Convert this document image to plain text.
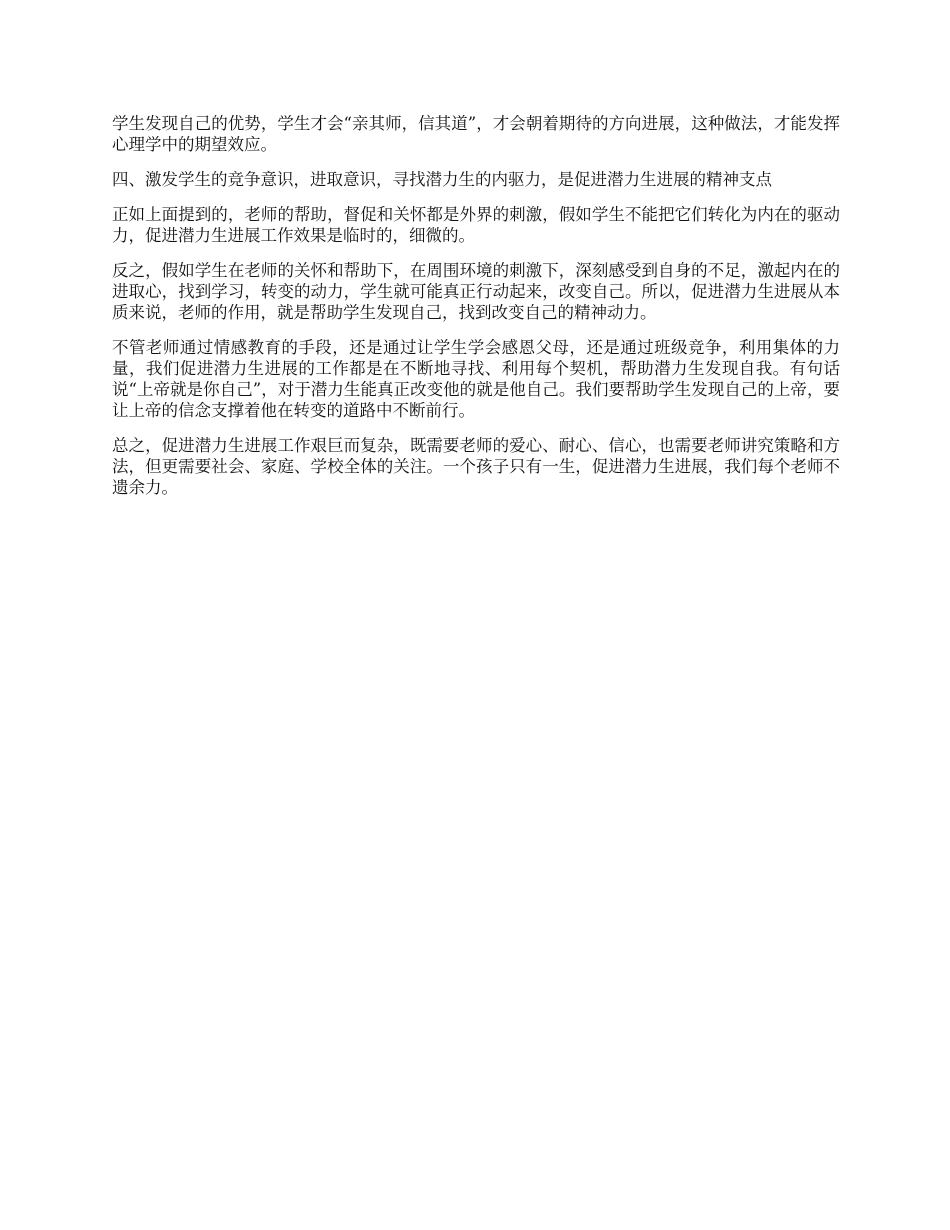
学生发现自己的优势，学生才会“亲其师，信其道”，才会朝着期待的方向进展，这种做法，才能发挥心理学中的期望效应。

四、激发学生的竞争意识，进取意识，寻找潜力生的内驱力，是促进潜力生进展的精神支点

正如上面提到的，老师的帮助，督促和关怀都是外界的刺激，假如学生不能把它们转化为内在的驱动力，促进潜力生进展工作效果是临时的，细微的。

反之，假如学生在老师的关怀和帮助下，在周围环境的刺激下，深刻感受到自身的不足，激起内在的进取心，找到学习，转变的动力，学生就可能真正行动起来，改变自己。所以，促进潜力生进展从本质来说，老师的作用，就是帮助学生发现自己，找到改变自己的精神动力。

不管老师通过情感教育的手段，还是通过让学生学会感恩父母，还是通过班级竞争，利用集体的力量，我们促进潜力生进展的工作都是在不断地寻找、利用每个契机，帮助潜力生发现自我。有句话说“上帝就是你自己”，对于潜力生能真正改变他的就是他自己。我们要帮助学生发现自己的上帝，要让上帝的信念支撑着他在转变的道路中不断前行。

总之，促进潜力生进展工作艰巨而复杂，既需要老师的爱心、耐心、信心，也需要老师讲究策略和方法，但更需要社会、家庭、学校全体的关注。一个孩子只有一生，促进潜力生进展，我们每个老师不遗余力。
